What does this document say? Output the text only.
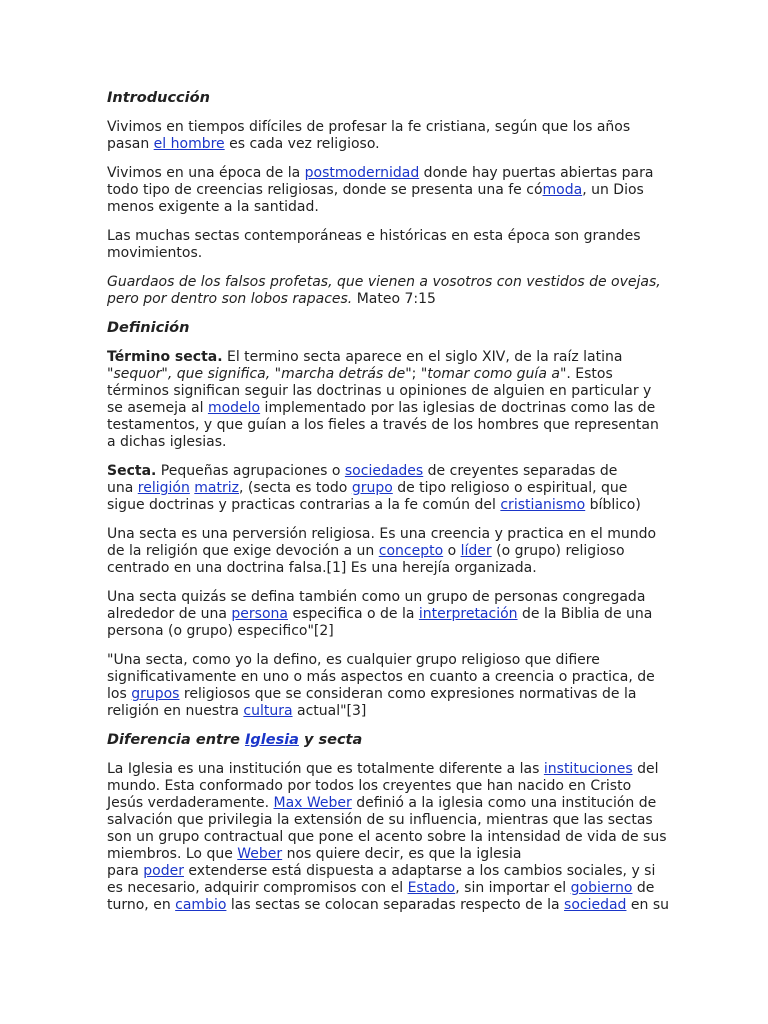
Introducción

Vivimos en tiempos difíciles de profesar la fe cristiana, según que los años
pasan el hombre es cada vez religioso.

Vivimos en una época de la postmodernidad donde hay puertas abiertas para
todo tipo de creencias religiosas, donde se presenta una fe cómoda, un Dios
menos exigente a la santidad.

Las muchas sectas contemporáneas e históricas en esta época son grandes
movimientos.

Guardaos de los falsos profetas, que vienen a vosotros con vestidos de ovejas,
pero por dentro son lobos rapaces. Mateo 7:15

Definición

Término secta. El termino secta aparece en el siglo XIV, de la raíz latina
"sequor", que significa, "marcha detrás de"; "tomar como guía a". Estos
términos significan seguir las doctrinas u opiniones de alguien en particular y
se asemeja al modelo implementado por las iglesias de doctrinas como las de
testamentos, y que guían a los fieles a través de los hombres que representan
a dichas iglesias.

Secta. Pequeñas agrupaciones o sociedades de creyentes separadas de
una religión matriz, (secta es todo grupo de tipo religioso o espiritual, que
sigue doctrinas y practicas contrarias a la fe común del cristianismo bíblico)

Una secta es una perversión religiosa. Es una creencia y practica en el mundo
de la religión que exige devoción a un concepto o líder (o grupo) religioso
centrado en una doctrina falsa.[1] Es una herejía organizada.

Una secta quizás se defina también como un grupo de personas congregada
alrededor de una persona especifica o de la interpretación de la Biblia de una
persona (o grupo) especifico"[2]

"Una secta, como yo la defino, es cualquier grupo religioso que difiere
significativamente en uno o más aspectos en cuanto a creencia o practica, de
los grupos religiosos que se consideran como expresiones normativas de la
religión en nuestra cultura actual"[3]

Diferencia entre Iglesia y secta

La Iglesia es una institución que es totalmente diferente a las instituciones del
mundo. Esta conformado por todos los creyentes que han nacido en Cristo
Jesús verdaderamente. Max Weber definió a la iglesia como una institución de
salvación que privilegia la extensión de su influencia, mientras que las sectas
son un grupo contractual que pone el acento sobre la intensidad de vida de sus
miembros. Lo que Weber nos quiere decir, es que la iglesia
para poder extenderse está dispuesta a adaptarse a los cambios sociales, y si
es necesario, adquirir compromisos con el Estado, sin importar el gobierno de
turno, en cambio las sectas se colocan separadas respecto de la sociedad en su
